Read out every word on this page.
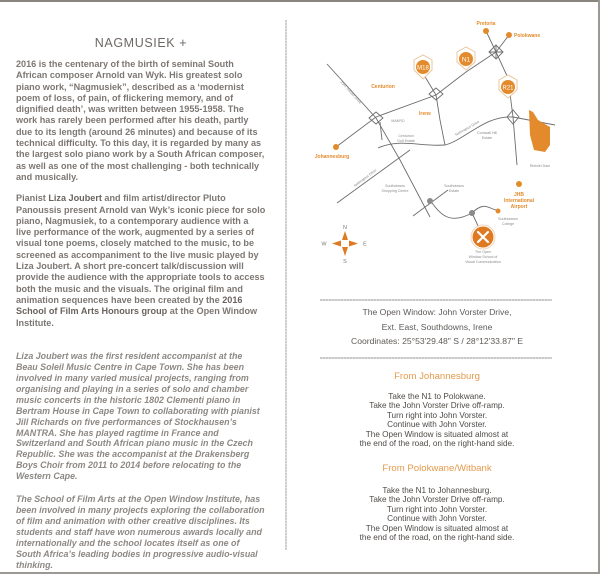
NAGMUSIEK +

2016 is the centenary of the birth of seminal South African composer Arnold van Wyk. His greatest solo piano work, “Nagmusiek”, described as a ‘modernist poem of loss, of pain, of flickering memory, and of dignified death’, was written between 1955-1958. The work has rarely been performed after his death, partly due to its length (around 26 minutes) and because of its technical difficulty. To this day, it is regarded by many as the largest solo piano work by a South African composer, as well as one of the most challenging - both technically and musically.

Pianist Liza Joubert and film artist/director Pluto Panoussis present Arnold van Wyk’s iconic piece for solo piano, Nagmusiek, to a contemporary audience with a live performance of the work, augmented by a series of visual tone poems, closely matched to the music, to be screened as accompaniment to the live music played by Liza Joubert. A short pre-concert talk/discussion will provide the audience with the appropriate tools to access both the music and the visuals. The original film and animation sequences have been created by the 2016 School of Film Arts Honours group at the Open Window Institute.

Liza Joubert was the first resident accompanist at the Beau Soleil Music Centre in Cape Town. She has been involved in many varied musical projects, ranging from organising and playing in a series of solo and chamber music concerts in the historic 1802 Clementi piano in Bertram House in Cape Town to collaborating with pianist Jill Richards on five performances of Stockhausen’s MANTRA. She has played ragtime in France and Switzerland and South African piano music in the Czech Republic. She was the accompanist at the Drakensberg Boys Choir from 2011 to 2014 before relocating to the Western Cape.

The School of Film Arts at the Open Window Institute, has been involved in many projects exploring the collaboration of film and animation with other creative disciplines. Its students and staff have won numerous awards locally and internationally and the school locates itself as one of South Africa’s leading bodies in progressive audio-visual thinking.

M18
N1
R21
Pretoria
Polokwane
Centurion
Irene
Johannesburg
JHB
International
Airport
MAKRO
Centurion
Golf Estate
Cornwall Hill
Estate
Rietvlei Dam
Southdowns
Shopping Centre
Southdowns
Estate
Southdowns
College
The Open
Window School of
Visual Communication
John Vorster Drive
Nellmapius Drive
Nellmapius Drive
N
S
E
W
The Open Window: John Vorster Drive,
Ext. East, Southdowns, Irene
Coordinates: 25°53'29.48" S / 28°12'33.87" E
From Johannesburg
Take the N1 to Polokwane.
Take the John Vorster Drive off-ramp.
Turn right into John Vorster.
Continue with John Vorster.
The Open Window is situated almost at
the end of the road, on the right-hand side.
From Polokwane/Witbank
Take the N1 to Johannesburg.
Take the John Vorster Drive off-ramp.
Turn right into John Vorster.
Continue with John Vorster.
The Open Window is situated almost at
the end of the road, on the right-hand side.
